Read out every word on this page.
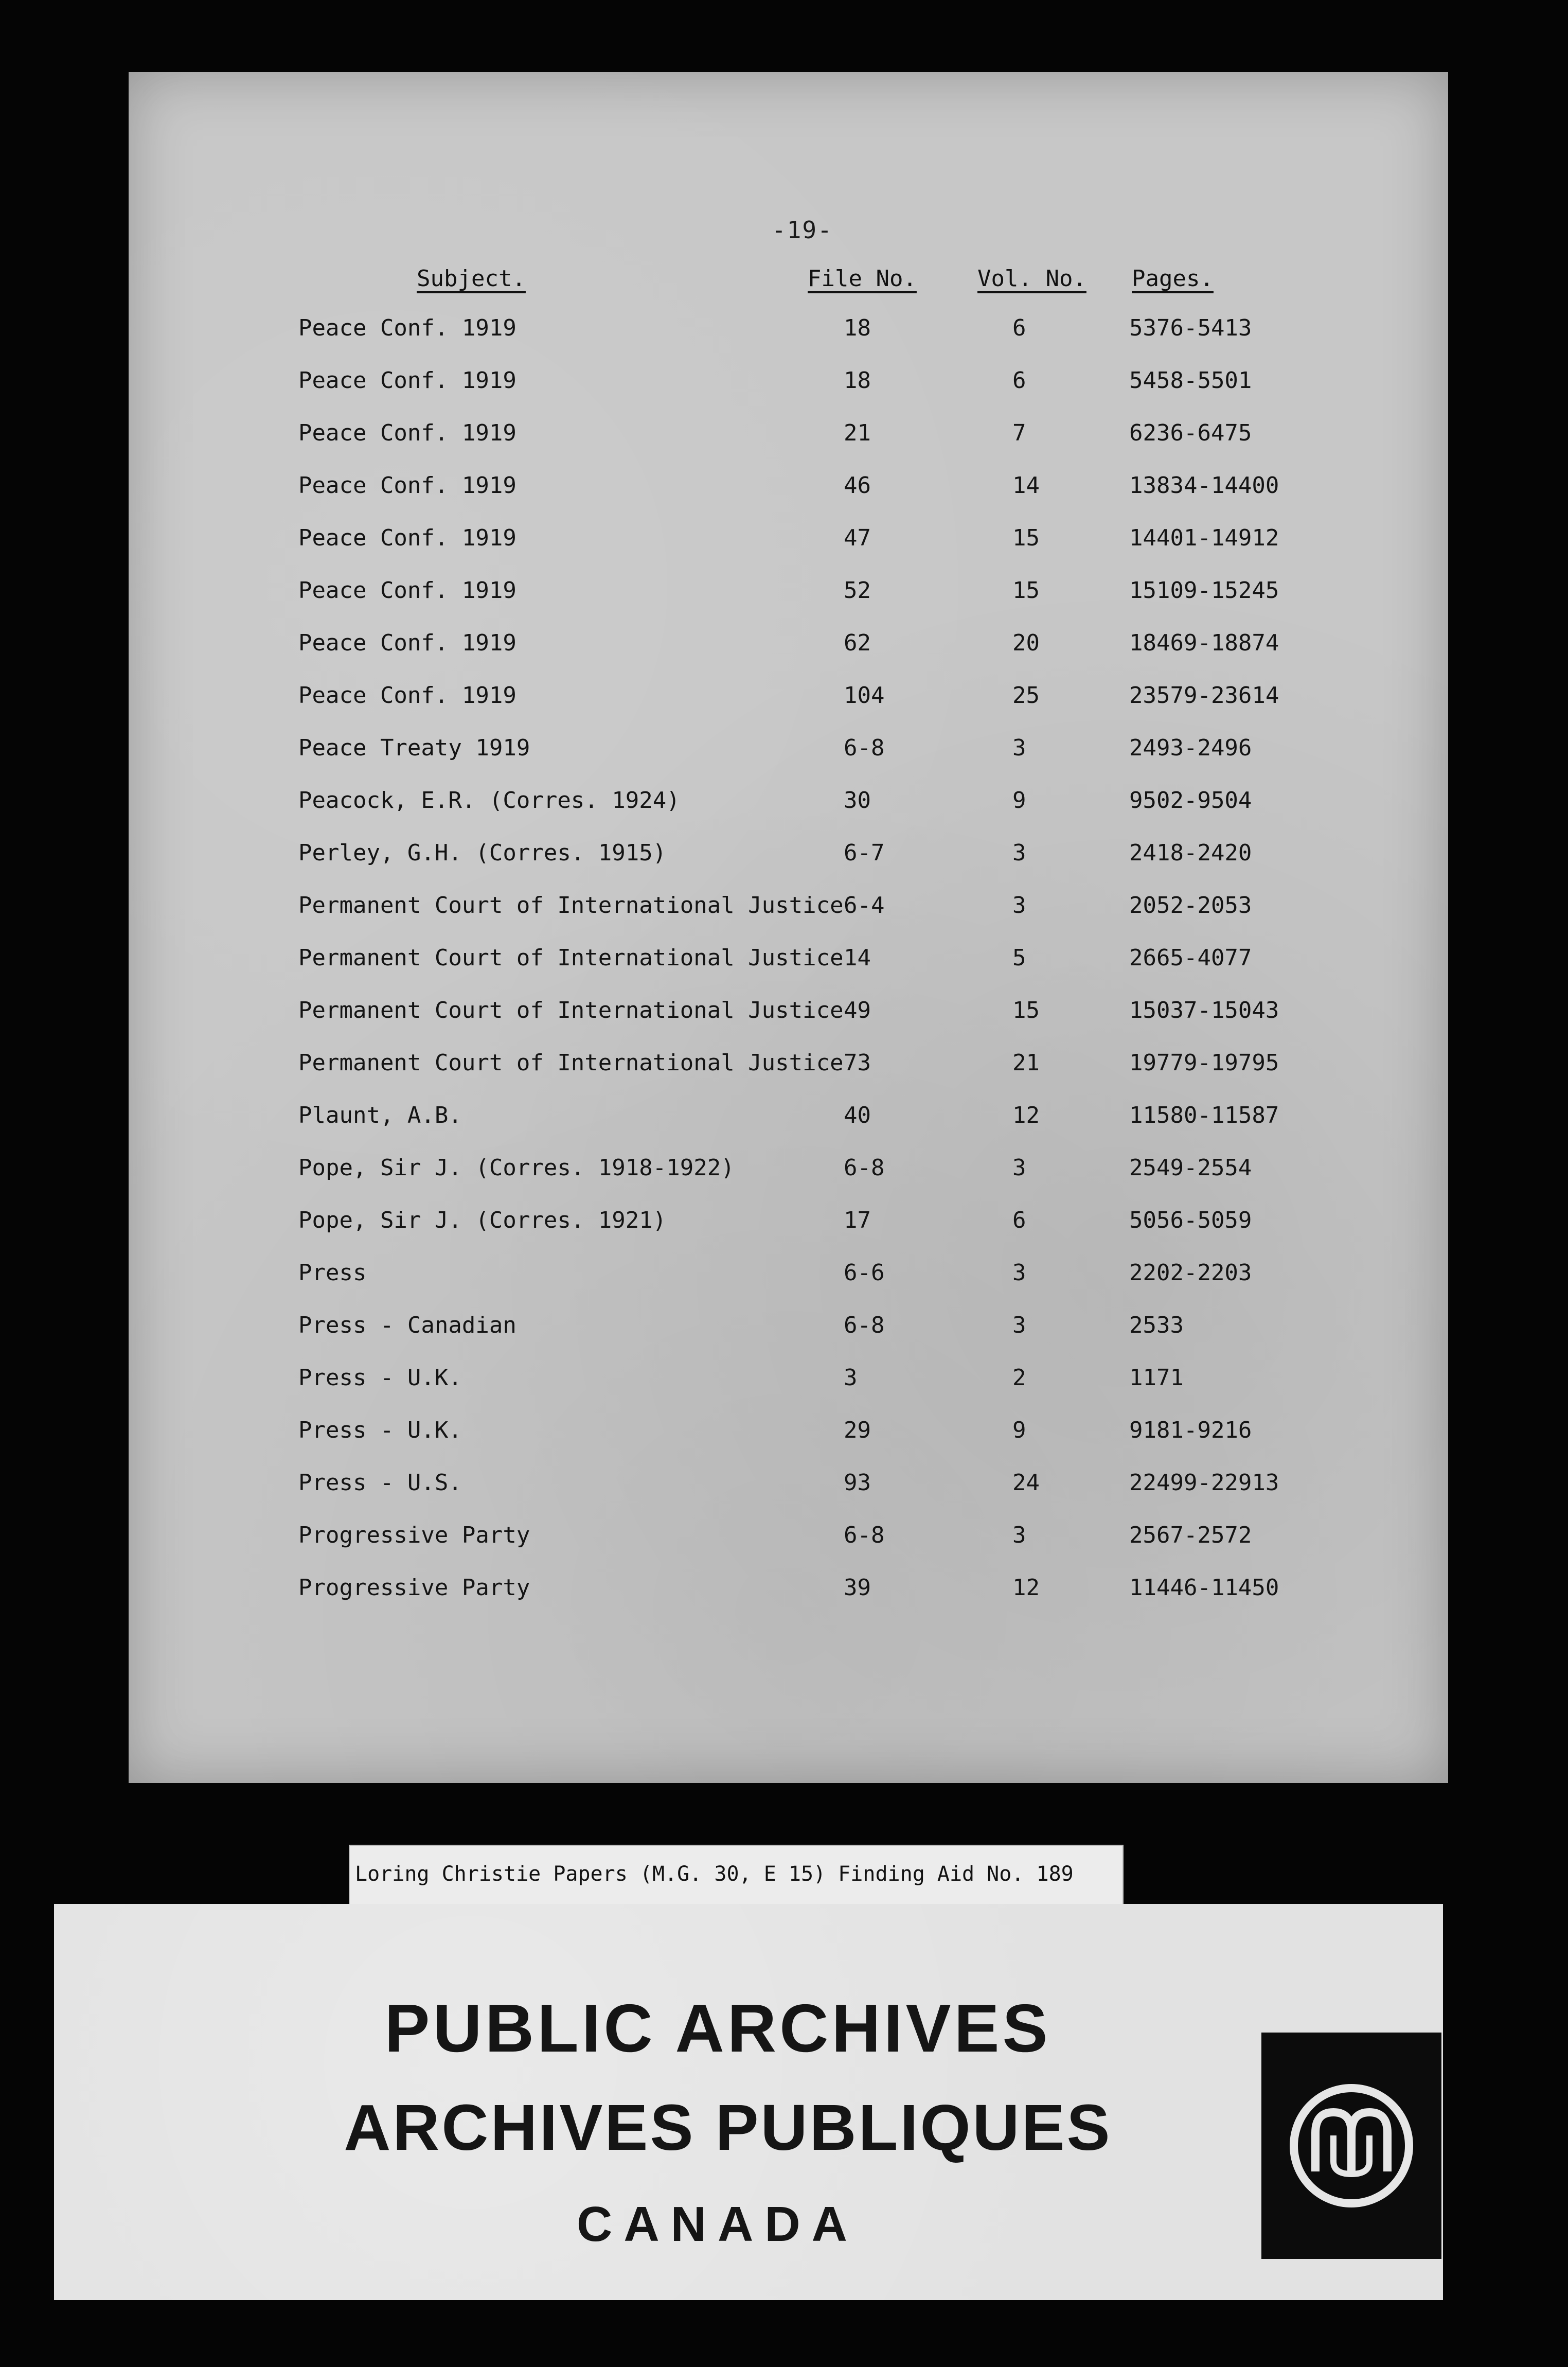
-19-
Subject.	File No.	Vol. No. Pages.
Peace Conf. 1919	18	6	5376-5413
Peace Conf. 1919	18	6	5458-5501
Peace Conf. 1919	21	7	6236-6475
Peace Conf. 1919	46	14	13834-14400
Peace Conf. 1919	47	15	14401-14912
Peace Conf. 1919	52	15	15109-15245
Peace Conf. 1919	62	20	18469-18874
Peace Conf. 1919	104	25	23579-23614
Peace Treaty 1919	6-8	3	2493-2496
Peacock, E.R. (Corres. 1924)	30	9	9502-9504
Perley, G.H. (Corres. 1915)	6-7	3	2418-2420
Permanent Court of International Justice 6-4	3	2052-2053
Permanent Court of International Justice 14	5	2665-4077
Permanent Court of International Justice 49	15	15037-15043
Permanent Court of International Justice 73	21	19779-19795
Plaunt, A.B.	40	12	11580-11587
Pope, Sir J. (Corres. 1918-1922)	6-8	3	2549-2554
Pope, Sir J. (Corres. 1921)	17	6	5056-5059
Press	6-6	3	2202-2203
Press - Canadian	6-8	3	2533
Press - U.K.	3	2	1171
Press - U.K.	29	9	9181-9216
Press - U.S.	93	24	22499-22913
Progressive Party	6-8	3	2567-2572
Progressive Party	39	12	11446-11450
Loring Christie Papers (M.G. 30, E 15) Finding Aid No. 189
PUBLIC ARCHIVES
ARCHIVES PUBLIQUES
CANADA
